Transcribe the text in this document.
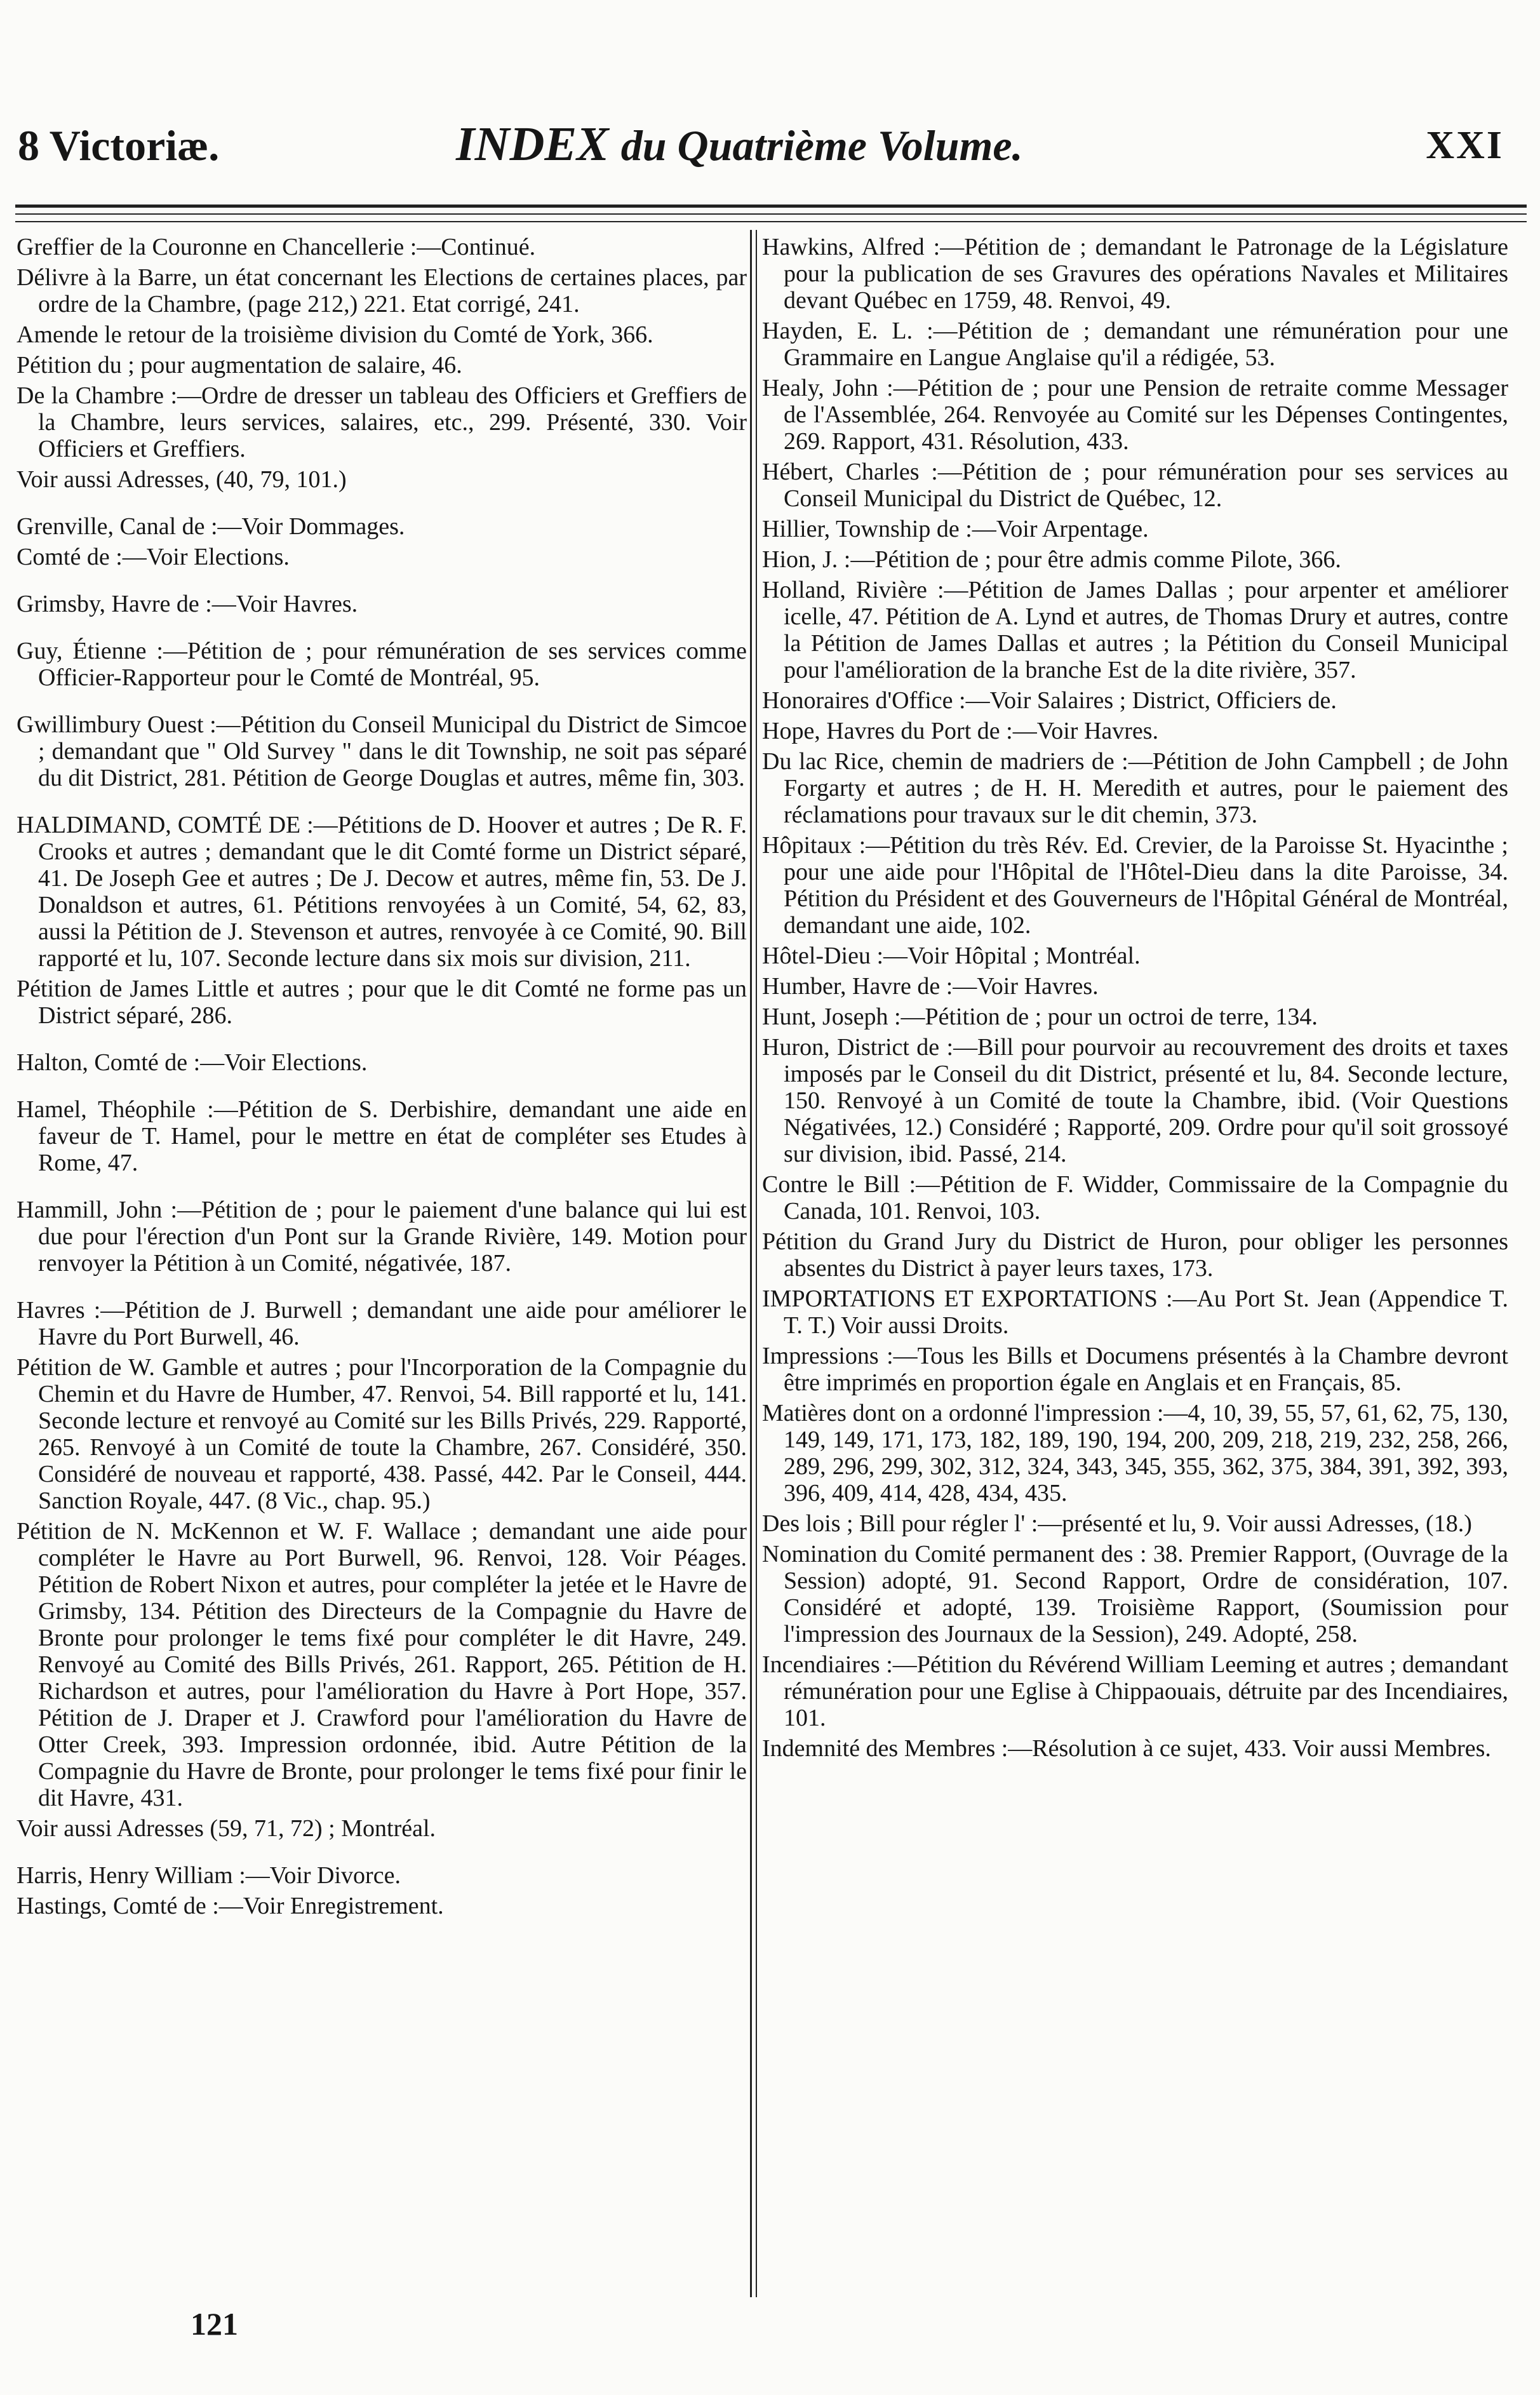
8 Victoriæ.	INDEX du Quatrième Volume.	XXI

Greffier de la Couronne en Chancellerie :—Continué.

Délivre à la Barre, un état concernant les Elections de certaines places, par ordre de la Chambre, (page 212,) 221. Etat corrigé, 241.

Amende le retour de la troisième division du Comté de York, 366.

Pétition du ; pour augmentation de salaire, 46.

De la Chambre :—Ordre de dresser un tableau des Officiers et Greffiers de la Chambre, leurs services, salaires, etc., 299. Présenté, 330. Voir Officiers et Greffiers.

Voir aussi Adresses, (40, 79, 101.)

Grenville, Canal de :—Voir Dommages.

Comté de :—Voir Elections.

Grimsby, Havre de :—Voir Havres.

Guy, Étienne :—Pétition de ; pour rémunération de ses services comme Officier-Rapporteur pour le Comté de Montréal, 95.

Gwillimbury Ouest :—Pétition du Conseil Municipal du District de Simcoe ; demandant que " Old Survey " dans le dit Township, ne soit pas séparé du dit District, 281. Pétition de George Douglas et autres, même fin, 303.

HALDIMAND, COMTÉ DE :—Pétitions de D. Hoover et autres ; De R. F. Crooks et autres ; demandant que le dit Comté forme un District séparé, 41. De Joseph Gee et autres ; De J. Decow et autres, même fin, 53. De J. Donaldson et autres, 61. Pétitions renvoyées à un Comité, 54, 62, 83, aussi la Pétition de J. Stevenson et autres, renvoyée à ce Comité, 90. Bill rapporté et lu, 107. Seconde lecture dans six mois sur division, 211.

Pétition de James Little et autres ; pour que le dit Comté ne forme pas un District séparé, 286.

Halton, Comté de :—Voir Elections.

Hamel, Théophile :—Pétition de S. Derbishire, demandant une aide en faveur de T. Hamel, pour le mettre en état de compléter ses Etudes à Rome, 47.

Hammill, John :—Pétition de ; pour le paiement d'une balance qui lui est due pour l'érection d'un Pont sur la Grande Rivière, 149. Motion pour renvoyer la Pétition à un Comité, négativée, 187.

Havres :—Pétition de J. Burwell ; demandant une aide pour améliorer le Havre du Port Burwell, 46.

Pétition de W. Gamble et autres ; pour l'Incorporation de la Compagnie du Chemin et du Havre de Humber, 47. Renvoi, 54. Bill rapporté et lu, 141. Seconde lecture et renvoyé au Comité sur les Bills Privés, 229. Rapporté, 265. Renvoyé à un Comité de toute la Chambre, 267. Considéré, 350. Considéré de nouveau et rapporté, 438. Passé, 442. Par le Conseil, 444. Sanction Royale, 447. (8 Vic., chap. 95.)

Pétition de N. McKennon et W. F. Wallace ; demandant une aide pour compléter le Havre au Port Burwell, 96. Renvoi, 128. Voir Péages. Pétition de Robert Nixon et autres, pour compléter la jetée et le Havre de Grimsby, 134. Pétition des Directeurs de la Compagnie du Havre de Bronte pour prolonger le tems fixé pour compléter le dit Havre, 249. Renvoyé au Comité des Bills Privés, 261. Rapport, 265. Pétition de H. Richardson et autres, pour l'amélioration du Havre à Port Hope, 357. Pétition de J. Draper et J. Crawford pour l'amélioration du Havre de Otter Creek, 393. Impression ordonnée, ibid. Autre Pétition de la Compagnie du Havre de Bronte, pour prolonger le tems fixé pour finir le dit Havre, 431.

Voir aussi Adresses (59, 71, 72) ; Montréal.

Harris, Henry William :—Voir Divorce.

Hastings, Comté de :—Voir Enregistrement.

Hawkins, Alfred :—Pétition de ; demandant le Patronage de la Législature pour la publication de ses Gravures des opérations Navales et Militaires devant Québec en 1759, 48. Renvoi, 49.

Hayden, E. L. :—Pétition de ; demandant une rémunération pour une Grammaire en Langue Anglaise qu'il a rédigée, 53.

Healy, John :—Pétition de ; pour une Pension de retraite comme Messager de l'Assemblée, 264. Renvoyée au Comité sur les Dépenses Contingentes, 269. Rapport, 431. Résolution, 433.

Hébert, Charles :—Pétition de ; pour rémunération pour ses services au Conseil Municipal du District de Québec, 12.

Hillier, Township de :—Voir Arpentage.

Hion, J. :—Pétition de ; pour être admis comme Pilote, 366.

Holland, Rivière :—Pétition de James Dallas ; pour arpenter et améliorer icelle, 47. Pétition de A. Lynd et autres, de Thomas Drury et autres, contre la Pétition de James Dallas et autres ; la Pétition du Conseil Municipal pour l'amélioration de la branche Est de la dite rivière, 357.

Honoraires d'Office :—Voir Salaires ; District, Officiers de.

Hope, Havres du Port de :—Voir Havres.

Du lac Rice, chemin de madriers de :—Pétition de John Campbell ; de John Forgarty et autres ; de H. H. Meredith et autres, pour le paiement des réclamations pour travaux sur le dit chemin, 373.

Hôpitaux :—Pétition du très Rév. Ed. Crevier, de la Paroisse St. Hyacinthe ; pour une aide pour l'Hôpital de l'Hôtel-Dieu dans la dite Paroisse, 34. Pétition du Président et des Gouverneurs de l'Hôpital Général de Montréal, demandant une aide, 102.

Hôtel-Dieu :—Voir Hôpital ; Montréal.

Humber, Havre de :—Voir Havres.

Hunt, Joseph :—Pétition de ; pour un octroi de terre, 134.

Huron, District de :—Bill pour pourvoir au recouvrement des droits et taxes imposés par le Conseil du dit District, présenté et lu, 84. Seconde lecture, 150. Renvoyé à un Comité de toute la Chambre, ibid. (Voir Questions Négativées, 12.) Considéré ; Rapporté, 209. Ordre pour qu'il soit grossoyé sur division, ibid. Passé, 214.

Contre le Bill :—Pétition de F. Widder, Commissaire de la Compagnie du Canada, 101. Renvoi, 103.

Pétition du Grand Jury du District de Huron, pour obliger les personnes absentes du District à payer leurs taxes, 173.

IMPORTATIONS ET EXPORTATIONS :—Au Port St. Jean (Appendice T. T. T.) Voir aussi Droits.

Impressions :—Tous les Bills et Documens présentés à la Chambre devront être imprimés en proportion égale en Anglais et en Français, 85.

Matières dont on a ordonné l'impression :—4, 10, 39, 55, 57, 61, 62, 75, 130, 149, 149, 171, 173, 182, 189, 190, 194, 200, 209, 218, 219, 232, 258, 266, 289, 296, 299, 302, 312, 324, 343, 345, 355, 362, 375, 384, 391, 392, 393, 396, 409, 414, 428, 434, 435.

Des lois ; Bill pour régler l' :—présenté et lu, 9. Voir aussi Adresses, (18.)

Nomination du Comité permanent des : 38. Premier Rapport, (Ouvrage de la Session) adopté, 91. Second Rapport, Ordre de considération, 107. Considéré et adopté, 139. Troisième Rapport, (Soumission pour l'impression des Journaux de la Session), 249. Adopté, 258.

Incendiaires :—Pétition du Révérend William Leeming et autres ; demandant rémunération pour une Eglise à Chippaouais, détruite par des Incendiaires, 101.

Indemnité des Membres :—Résolution à ce sujet, 433. Voir aussi Membres.

121
